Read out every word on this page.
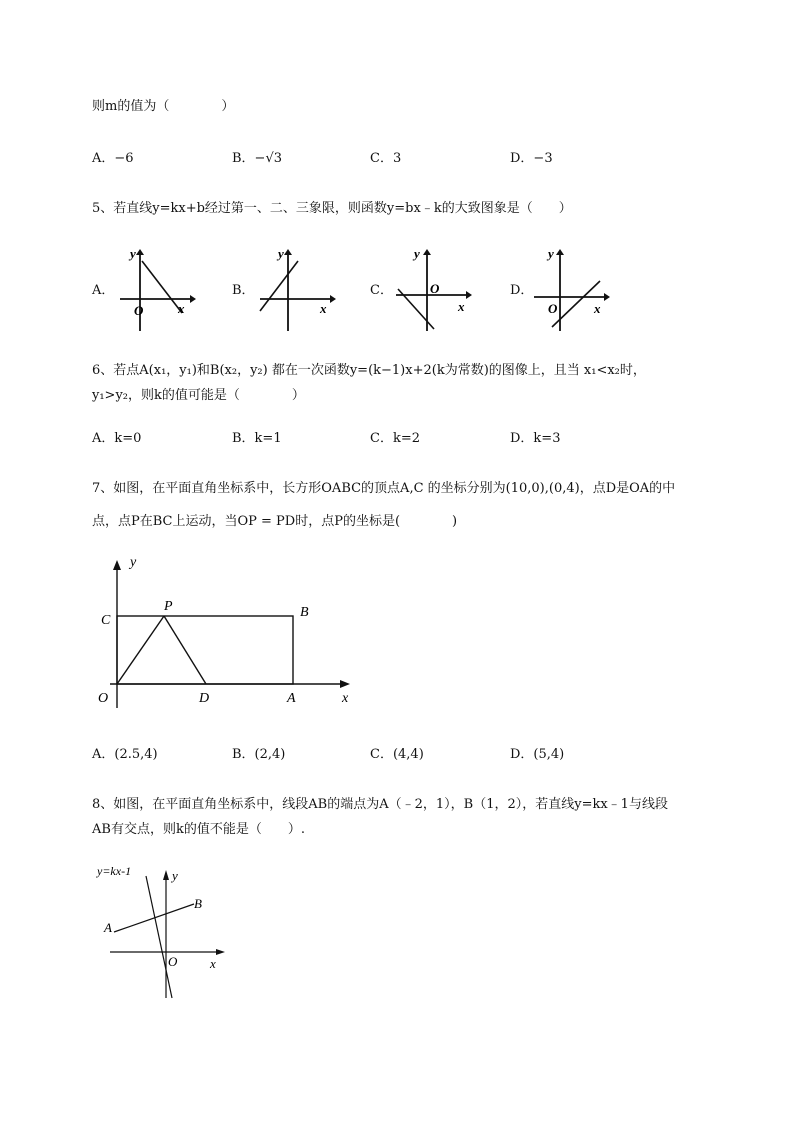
则m的值为（　　　　）
A．−6	B．−√3	C．3	D．−3
5、若直线y=kx+b经过第一、二、三象限，则函数y=bx﹣k的大致图象是（　　）
A．
y
x
O
B．
y
x
C．
y
O
x
D．
y
O	x
6、若点A(x₁，y₁)和B(x₂，y₂) 都在一次函数y=(k−1)x+2(k为常数)的图像上，且当 x₁<x₂时，
y₁>y₂，则k的值可能是（　　　　）
A．k=0	B．k=1	C．k=2	D．k=3
7、如图，在平面直角坐标系中，长方形OABC的顶点A,C 的坐标分别为(10,0),(0,4)，点D是OA的中
点，点P在BC上运动，当OP = PD时，点P的坐标是(　　　　)
y
C
P	B
O	D	A	x
A．(2.5,4)	B．(2,4)	C．(4,4)	D．(5,4)
8、如图，在平面直角坐标系中，线段AB的端点为A（﹣2，1），B（1，2），若直线y=kx﹣1与线段
AB有交点，则k的值不能是（　　）.
y=kx-1	y
B
A
O	x
